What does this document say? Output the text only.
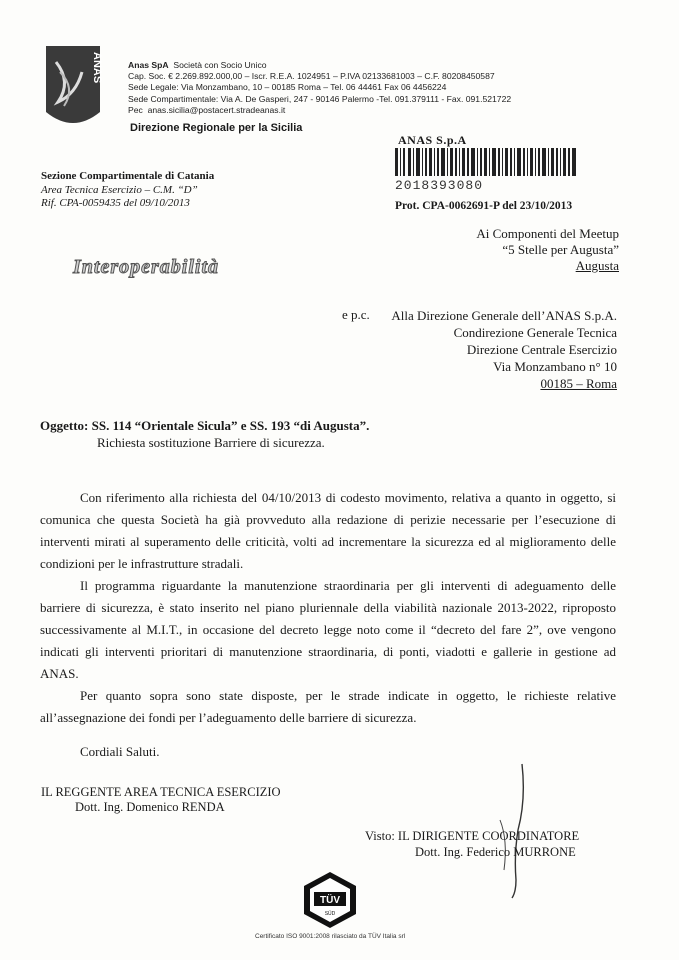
ANAS	Anas SpA Società con Socio Unico
Cap. Soc. € 2.269.892.000,00 – Iscr. R.E.A. 1024951 – P.IVA 02133681003 – C.F. 80208450587
Sede Legale: Via Monzambano, 10 – 00185 Roma – Tel. 06 44461 Fax 06 4456224
Sede Compartimentale: Via A. De Gasperi, 247 - 90146 Palermo -Tel. 091.379111 - Fax. 091.521722
Pec anas.sicilia@postacert.stradeanas.it
Direzione Regionale per la Sicilia
ANAS S.p.A
2018393080
Prot. CPA-0062691-P del 23/10/2013
Sezione Compartimentale di Catania
Area Tecnica Esercizio – C.M. “D”
Rif. CPA-0059435 del 09/10/2013
Ai Componenti del Meetup
“5 Stelle per Augusta”
Augusta
Interoperabilità
e p.c. Alla Direzione Generale dell’ANAS S.p.A.
Condirezione Generale Tecnica
Direzione Centrale Esercizio
Via Monzambano n° 10
00185 – Roma
Oggetto: SS. 114 “Orientale Sicula” e SS. 193 “di Augusta”.
Richiesta sostituzione Barriere di sicurezza.

Con riferimento alla richiesta del 04/10/2013 di codesto movimento, relativa a quanto in oggetto, si comunica che questa Società ha già provveduto alla redazione di perizie necessarie per l’esecuzione di interventi mirati al superamento delle criticità, volti ad incrementare la sicurezza ed al miglioramento delle condizioni per le infrastrutture stradali.

Il programma riguardante la manutenzione straordinaria per gli interventi di adeguamento delle barriere di sicurezza, è stato inserito nel piano pluriennale della viabilità nazionale 2013-2022, riproposto successivamente al M.I.T., in occasione del decreto legge noto come il “decreto del fare 2”, ove vengono indicati gli interventi prioritari di manutenzione straordinaria, di ponti, viadotti e gallerie in gestione ad ANAS.

Per quanto sopra sono state disposte, per le strade indicate in oggetto, le richieste relative all’assegnazione dei fondi per l’adeguamento delle barriere di sicurezza.

Cordiali Saluti.
IL REGGENTE AREA TECNICA ESERCIZIO
Dott. Ing. Domenico RENDA
Visto: IL DIRIGENTE COORDINATORE
Dott. Ing. Federico MURRONE
TÜV
SÜD
Certificato ISO 9001:2008 rilasciato da TÜV Italia srl
